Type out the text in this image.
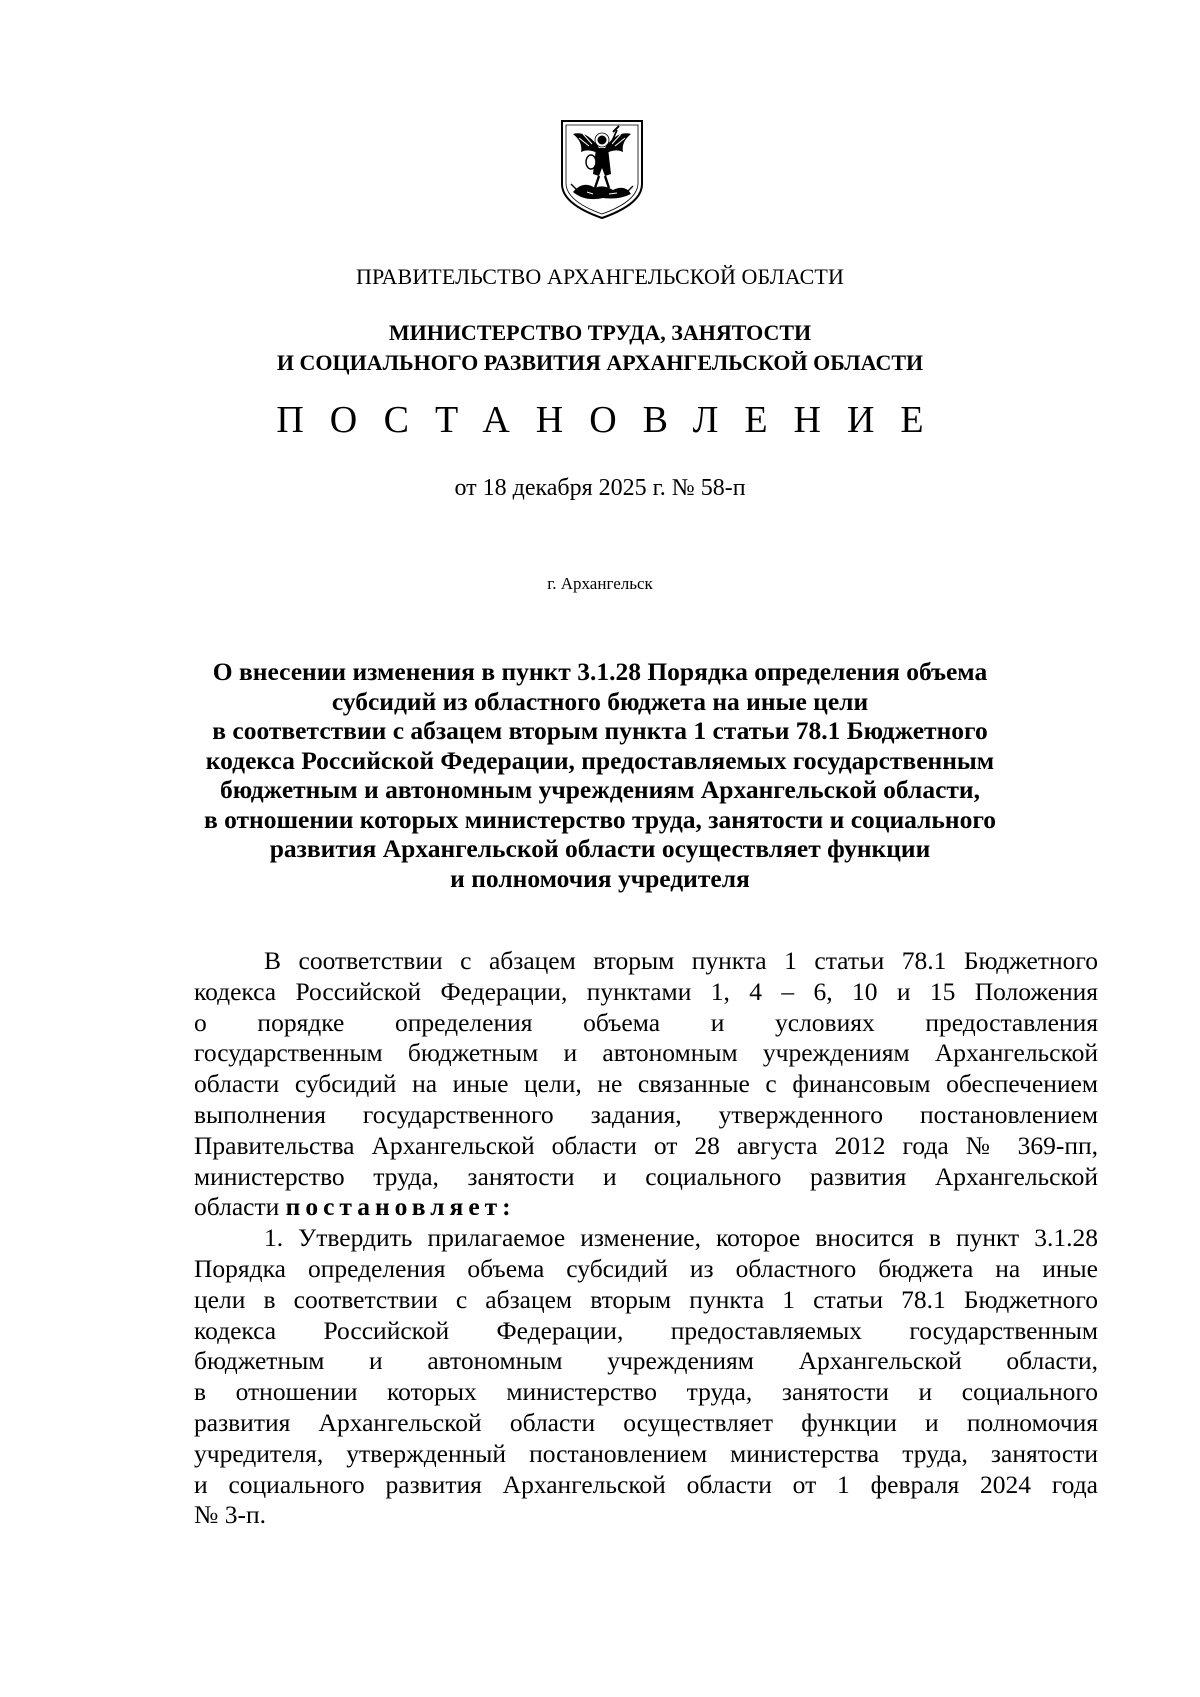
ПРАВИТЕЛЬСТВО АРХАНГЕЛЬСКОЙ ОБЛАСТИ
МИНИСТЕРСТВО ТРУДА, ЗАНЯТОСТИ
И СОЦИАЛЬНОГО РАЗВИТИЯ АРХАНГЕЛЬСКОЙ ОБЛАСТИ
ПОСТАНОВЛЕНИЕ
от 18 декабря 2025 г. № 58-п
г. Архангельск
О внесении изменения в пункт 3.1.28 Порядка определения объема
субсидий из областного бюджета на иные цели
в соответствии с абзацем вторым пункта 1 статьи 78.1 Бюджетного
кодекса Российской Федерации, предоставляемых государственным
бюджетным и автономным учреждениям Архангельской области,
в отношении которых министерство труда, занятости и социального
развития Архангельской области осуществляет функции
и полномочия учредителя
В соответствии с абзацем вторым пункта 1 статьи 78.1 Бюджетного
кодекса Российской Федерации, пунктами 1, 4 – 6, 10 и 15 Положения
о порядке определения объема и условиях предоставления
государственным бюджетным и автономным учреждениям Архангельской
области субсидий на иные цели, не связанные с финансовым обеспечением
выполнения государственного задания, утвержденного постановлением
Правительства Архангельской области от 28 августа 2012 года № 369-пп,
министерство труда, занятости и социального развития Архангельской
области постановляет:
1. Утвердить прилагаемое изменение, которое вносится в пункт 3.1.28
Порядка определения объема субсидий из областного бюджета на иные
цели в соответствии с абзацем вторым пункта 1 статьи 78.1 Бюджетного
кодекса Российской Федерации, предоставляемых государственным
бюджетным и автономным учреждениям Архангельской области,
в отношении которых министерство труда, занятости и социального
развития Архангельской области осуществляет функции и полномочия
учредителя, утвержденный постановлением министерства труда, занятости
и социального развития Архангельской области от 1 февраля 2024 года
№ 3-п.
